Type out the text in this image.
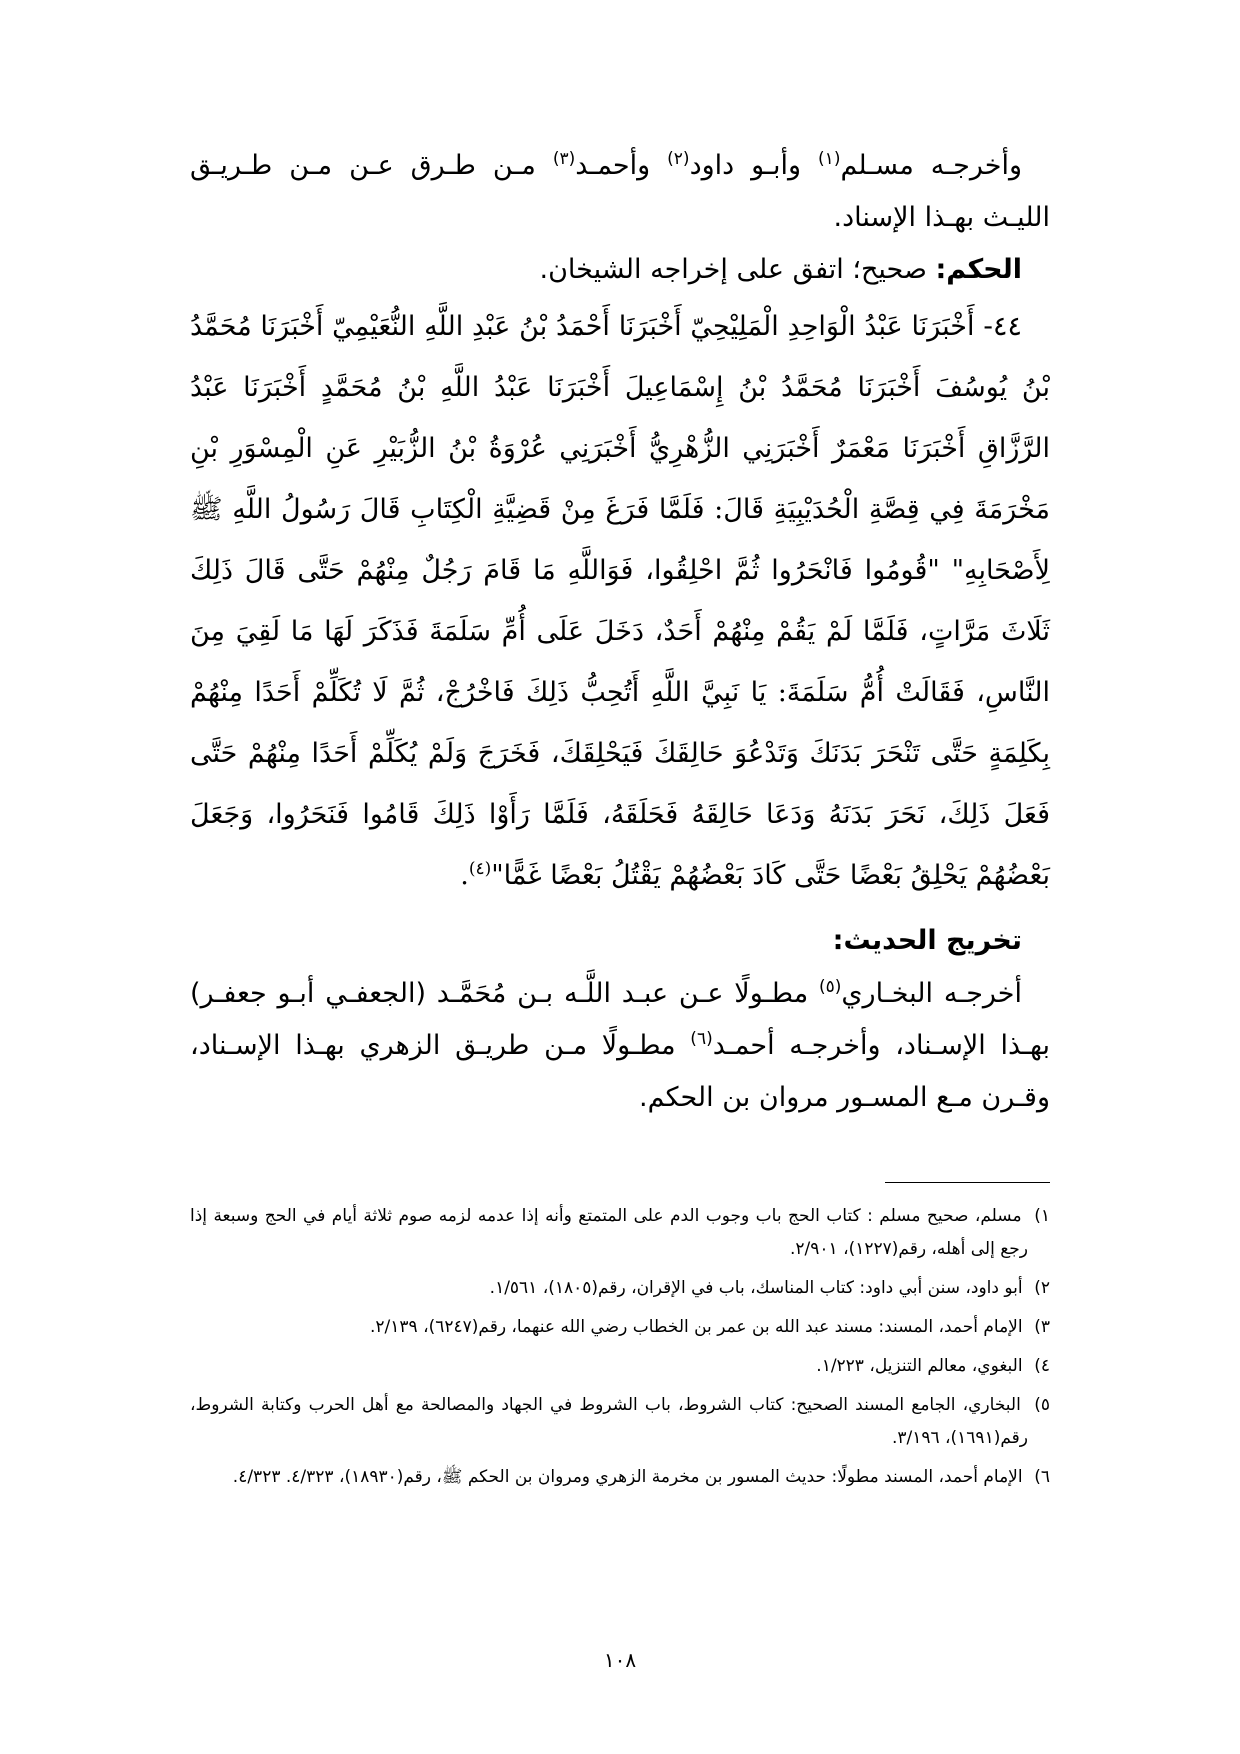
وأخرجـه مسـلم$^{(١)}$ وأبـو داود$^{(٢)}$ وأحمـد$^{(٣)}$ مـن طـرق عـن مـن طـريـق الليـث بهـذا الإسناد.

الحكم: صحيح؛ اتفق على إخراجه الشيخان.

٤٤- أَخْبَرَنَا عَبْدُ الْوَاحِدِ الْمَلِيْحِيّ أَخْبَرَنَا أَحْمَدُ بْنُ عَبْدِ اللَّهِ النُّعَيْمِيّ أَخْبَرَنَا مُحَمَّدُ بْنُ يُوسُفَ أَخْبَرَنَا مُحَمَّدُ بْنُ إِسْمَاعِيلَ أَخْبَرَنَا عَبْدُ اللَّهِ بْنُ مُحَمَّدٍ أَخْبَرَنَا عَبْدُ الرَّزَّاقِ أَخْبَرَنَا مَعْمَرٌ أَخْبَرَنِي الزُّهْرِيُّ أَخْبَرَنِي عُرْوَةُ بْنُ الزُّبَيْرِ عَنِ الْمِسْوَرِ بْنِ مَخْرَمَةَ فِي قِصَّةِ الْحُدَيْبِيَةِ قَالَ: فَلَمَّا فَرَغَ مِنْ قَضِيَّةِ الْكِتَابِ قَالَ رَسُولُ اللَّهِ ﷺ لِأَصْحَابِهِ" "قُومُوا فَانْحَرُوا ثُمَّ احْلِقُوا، فَوَاللَّهِ مَا قَامَ رَجُلٌ مِنْهُمْ حَتَّى قَالَ ذَلِكَ ثَلَاثَ مَرَّاتٍ، فَلَمَّا لَمْ يَقُمْ مِنْهُمْ أَحَدٌ، دَخَلَ عَلَى أُمِّ سَلَمَةَ فَذَكَرَ لَهَا مَا لَقِيَ مِنَ النَّاسِ، فَقَالَتْ أُمُّ سَلَمَةَ: يَا نَبِيَّ اللَّهِ أَتُحِبُّ ذَلِكَ فَاخْرُجْ، ثُمَّ لَا تُكَلِّمْ أَحَدًا مِنْهُمْ بِكَلِمَةٍ حَتَّى تَنْحَرَ بَدَنَكَ وَتَدْعُوَ حَالِقَكَ فَيَحْلِقَكَ، فَخَرَجَ وَلَمْ يُكَلِّمْ أَحَدًا مِنْهُمْ حَتَّى فَعَلَ ذَلِكَ، نَحَرَ بَدَنَهُ وَدَعَا حَالِقَهُ فَحَلَقَهُ، فَلَمَّا رَأَوْا ذَلِكَ قَامُوا فَنَحَرُوا، وَجَعَلَ بَعْضُهُمْ يَحْلِقُ بَعْضًا حَتَّى كَادَ بَعْضُهُمْ يَقْتُلُ بَعْضًا غَمًّا"$^{(٤)}$.

تخريج الحديث:

أخرجـه البخـاري$^{(٥)}$ مطـولًا عـن عبـد اللَّـه بـن مُحَمَّـد (الجعفـي أبـو جعفـر) بهـذا الإسـناد، وأخرجـه أحمـد$^{(٦)}$ مطـولًا مـن طريـق الزهري بهـذا الإسـناد، وقـرن مـع المسـور مروان بن الحكم.

١) مسلم، صحيح مسلم : كتاب الحج باب وجوب الدم على المتمتع وأنه إذا عدمه لزمه صوم ثلاثة أيام في الحج وسبعة إذا رجع إلى أهله، رقم(١٢٢٧)، ٢/٩٠١.
٢) أبو داود، سنن أبي داود: كتاب المناسك، باب في الإقران، رقم(١٨٠٥)، ١/٥٦١.
٣) الإمام أحمد، المسند: مسند عبد الله بن عمر بن الخطاب رضي الله عنهما، رقم(٦٢٤٧)، ٢/١٣٩.
٤) البغوي، معالم التنزيل، ١/٢٢٣.
٥) البخاري، الجامع المسند الصحيح: كتاب الشروط، باب الشروط في الجهاد والمصالحة مع أهل الحرب وكتابة الشروط، رقم(١٦٩١)، ٣/١٩٦.
٦) الإمام أحمد، المسند مطولًا: حديث المسور بن مخرمة الزهري ومروان بن الحكم ﷺ، رقم(١٨٩٣٠)، ٤/٣٢٣. ٤/٣٢٣.
١٠٨
